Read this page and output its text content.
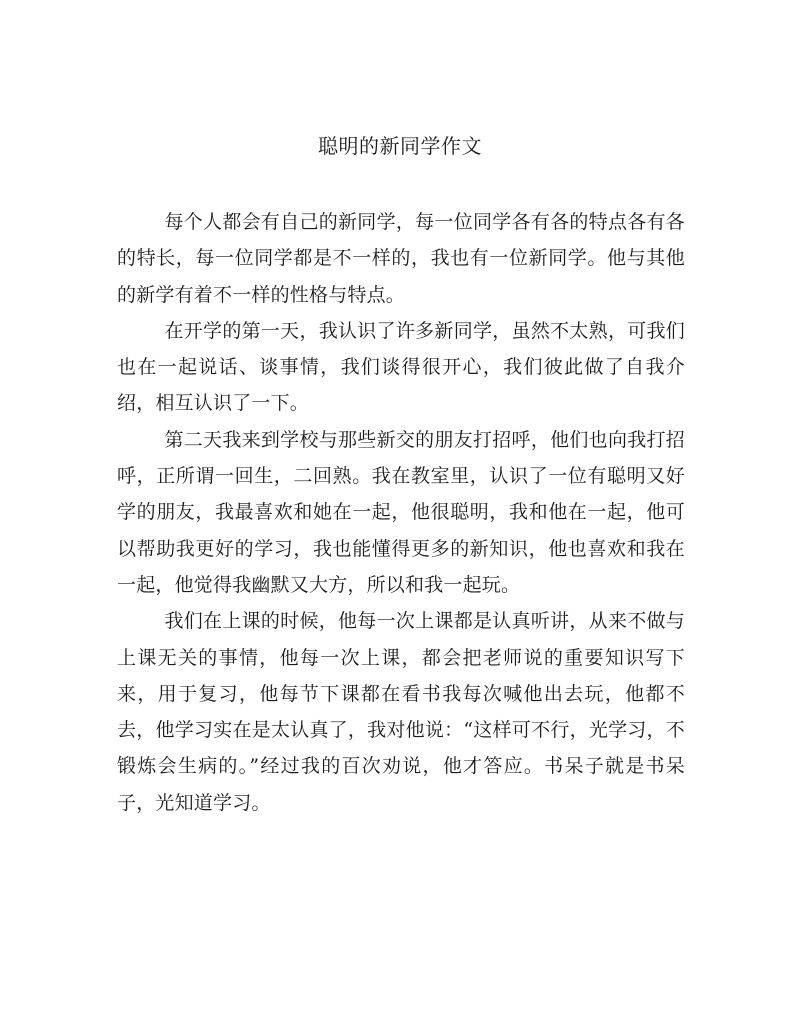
聪明的新同学作文

每个人都会有自己的新同学，每一位同学各有各的特点各有各的特长，每一位同学都是不一样的，我也有一位新同学。他与其他的新学有着不一样的性格与特点。

在开学的第一天，我认识了许多新同学，虽然不太熟，可我们也在一起说话、谈事情，我们谈得很开心，我们彼此做了自我介绍，相互认识了一下。

第二天我来到学校与那些新交的朋友打招呼，他们也向我打招呼，正所谓一回生，二回熟。我在教室里，认识了一位有聪明又好学的朋友，我最喜欢和她在一起，他很聪明，我和他在一起，他可以帮助我更好的学习，我也能懂得更多的新知识，他也喜欢和我在一起，他觉得我幽默又大方，所以和我一起玩。

我们在上课的时候，他每一次上课都是认真听讲，从来不做与上课无关的事情，他每一次上课，都会把老师说的重要知识写下来，用于复习，他每节下课都在看书我每次喊他出去玩，他都不去，他学习实在是太认真了，我对他说：“这样可不行，光学习，不锻炼会生病的。”经过我的百次劝说，他才答应。书呆子就是书呆子，光知道学习。
